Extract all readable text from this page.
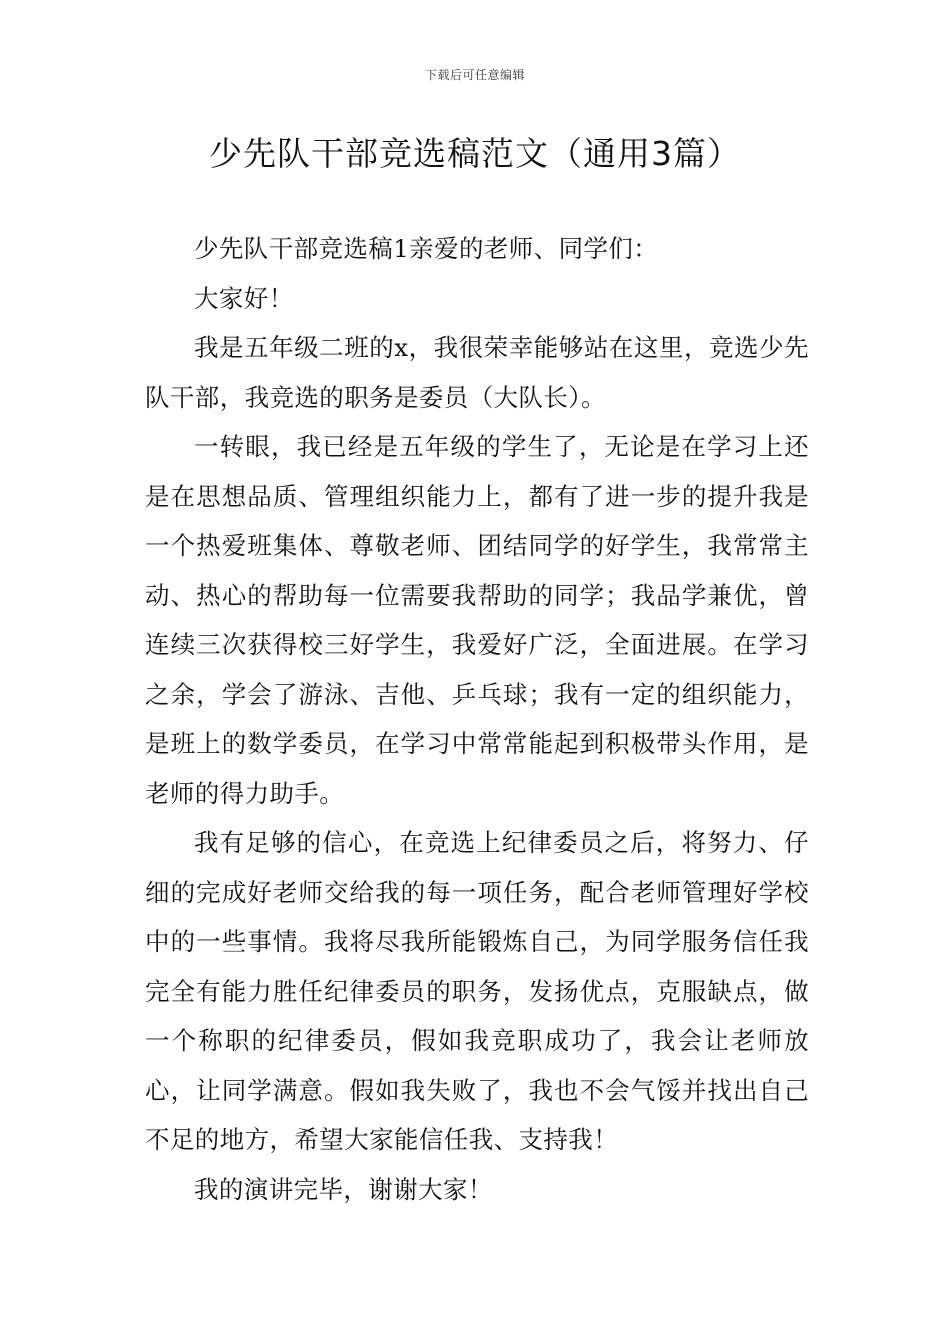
下载后可任意编辑
少先队干部竞选稿范文（通用3篇）

少先队干部竞选稿1亲爱的老师、同学们：

大家好！

我是五年级二班的x，我很荣幸能够站在这里，竞选少先队干部，我竞选的职务是委员（大队长）。

一转眼，我已经是五年级的学生了，无论是在学习上还是在思想品质、管理组织能力上，都有了进一步的提升我是一个热爱班集体、尊敬老师、团结同学的好学生，我常常主动、热心的帮助每一位需要我帮助的同学；我品学兼优，曾连续三次获得校三好学生，我爱好广泛，全面进展。在学习之余，学会了游泳、吉他、乒乓球；我有一定的组织能力，是班上的数学委员，在学习中常常能起到积极带头作用，是老师的得力助手。

我有足够的信心，在竞选上纪律委员之后，将努力、仔细的完成好老师交给我的每一项任务，配合老师管理好学校中的一些事情。我将尽我所能锻炼自己，为同学服务信任我完全有能力胜任纪律委员的职务，发扬优点，克服缺点，做一个称职的纪律委员，假如我竞职成功了，我会让老师放心，让同学满意。假如我失败了，我也不会气馁并找出自己不足的地方，希望大家能信任我、支持我！

我的演讲完毕，谢谢大家！
